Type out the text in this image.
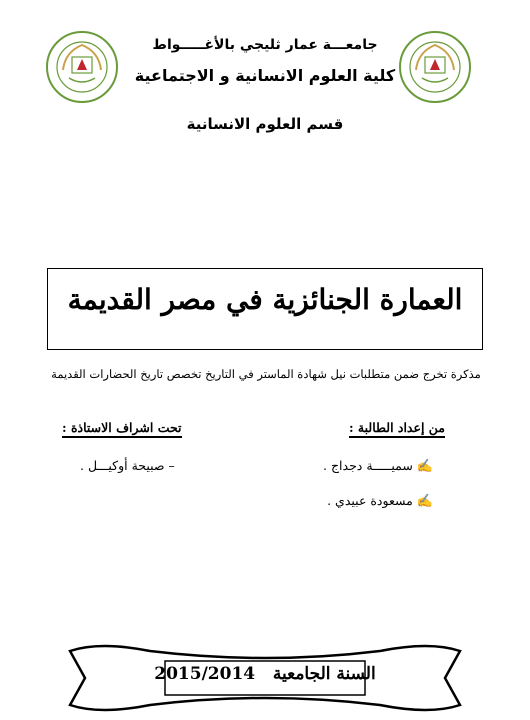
جامعـــة عمار ثليجي بالأغـــــواط
كلية العلوم الانسانية و الاجتماعية
قسم العلوم الانسانية
العمارة الجنائزية في مصر القديمة
مذكرة تخرج ضمن متطلبات نيل شهادة الماستر في التاريخ تخصص تاريخ الحضارات القديمة
من إعداد الطالبة :
✍ سميـــــة دجداج .
✍ مسعودة عبيدي .
تحت اشراف الاستاذة :
– صبيحة أوكيـــل .
السنة الجامعية   2015/2014
